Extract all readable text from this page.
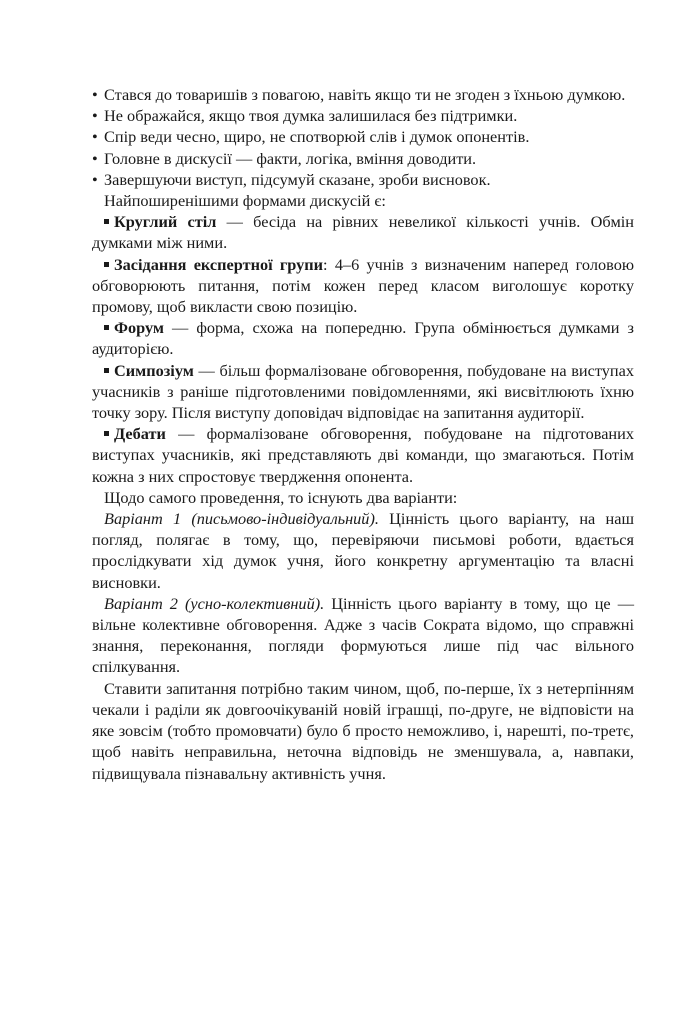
• Стався до товаришів з повагою, навіть якщо ти не згоден з їхньою думкою.

• Не ображайся, якщо твоя думка залишилася без підтримки.

• Спір веди чесно, щиро, не спотворюй слів і думок опонентів.

• Головне в дискусії — факти, логіка, вміння доводити.

• Завершуючи виступ, підсумуй сказане, зроби висновок.

Найпоширенішими формами дискусій є:

Круглий стіл — бесіда на рівних невеликої кількості учнів. Обмін думками між ними.

Засідання експертної групи: 4–6 учнів з визначеним наперед головою обговорюють питання, потім кожен перед класом виголошує коротку промову, щоб викласти свою позицію.

Форум — форма, схожа на попередню. Група обмінюється думками з аудиторією.

Симпозіум — більш формалізоване обговорення, побудоване на виступах учасників з раніше підготовленими повідомленнями, які висвітлюють їхню точку зору. Після виступу доповідач відповідає на запитання аудиторії.

Дебати — формалізоване обговорення, побудоване на підготованих виступах учасників, які представляють дві команди, що змагаються. Потім кожна з них спростовує твердження опонента.

Щодо самого проведення, то існують два варіанти:

Варіант 1 (письмово-індивідуальний). Цінність цього варіанту, на наш погляд, полягає в тому, що, перевіряючи письмові роботи, вдається прослідкувати хід думок учня, його конкретну аргументацію та власні висновки.

Варіант 2 (усно-колективний). Цінність цього варіанту в тому, що це — вільне колективне обговорення. Адже з часів Сократа відомо, що справжні знання, переконання, погляди формуються лише під час вільного спілкування.

Ставити запитання потрібно таким чином, щоб, по-перше, їх з нетерпінням чекали і раділи як довгоочікуваній новій іграшці, по-друге, не відповісти на яке зовсім (тобто промовчати) було б просто неможливо, і, нарешті, по-третє, щоб навіть неправильна, неточна відповідь не зменшувала, а, навпаки, підвищувала пізнавальну активність учня.
